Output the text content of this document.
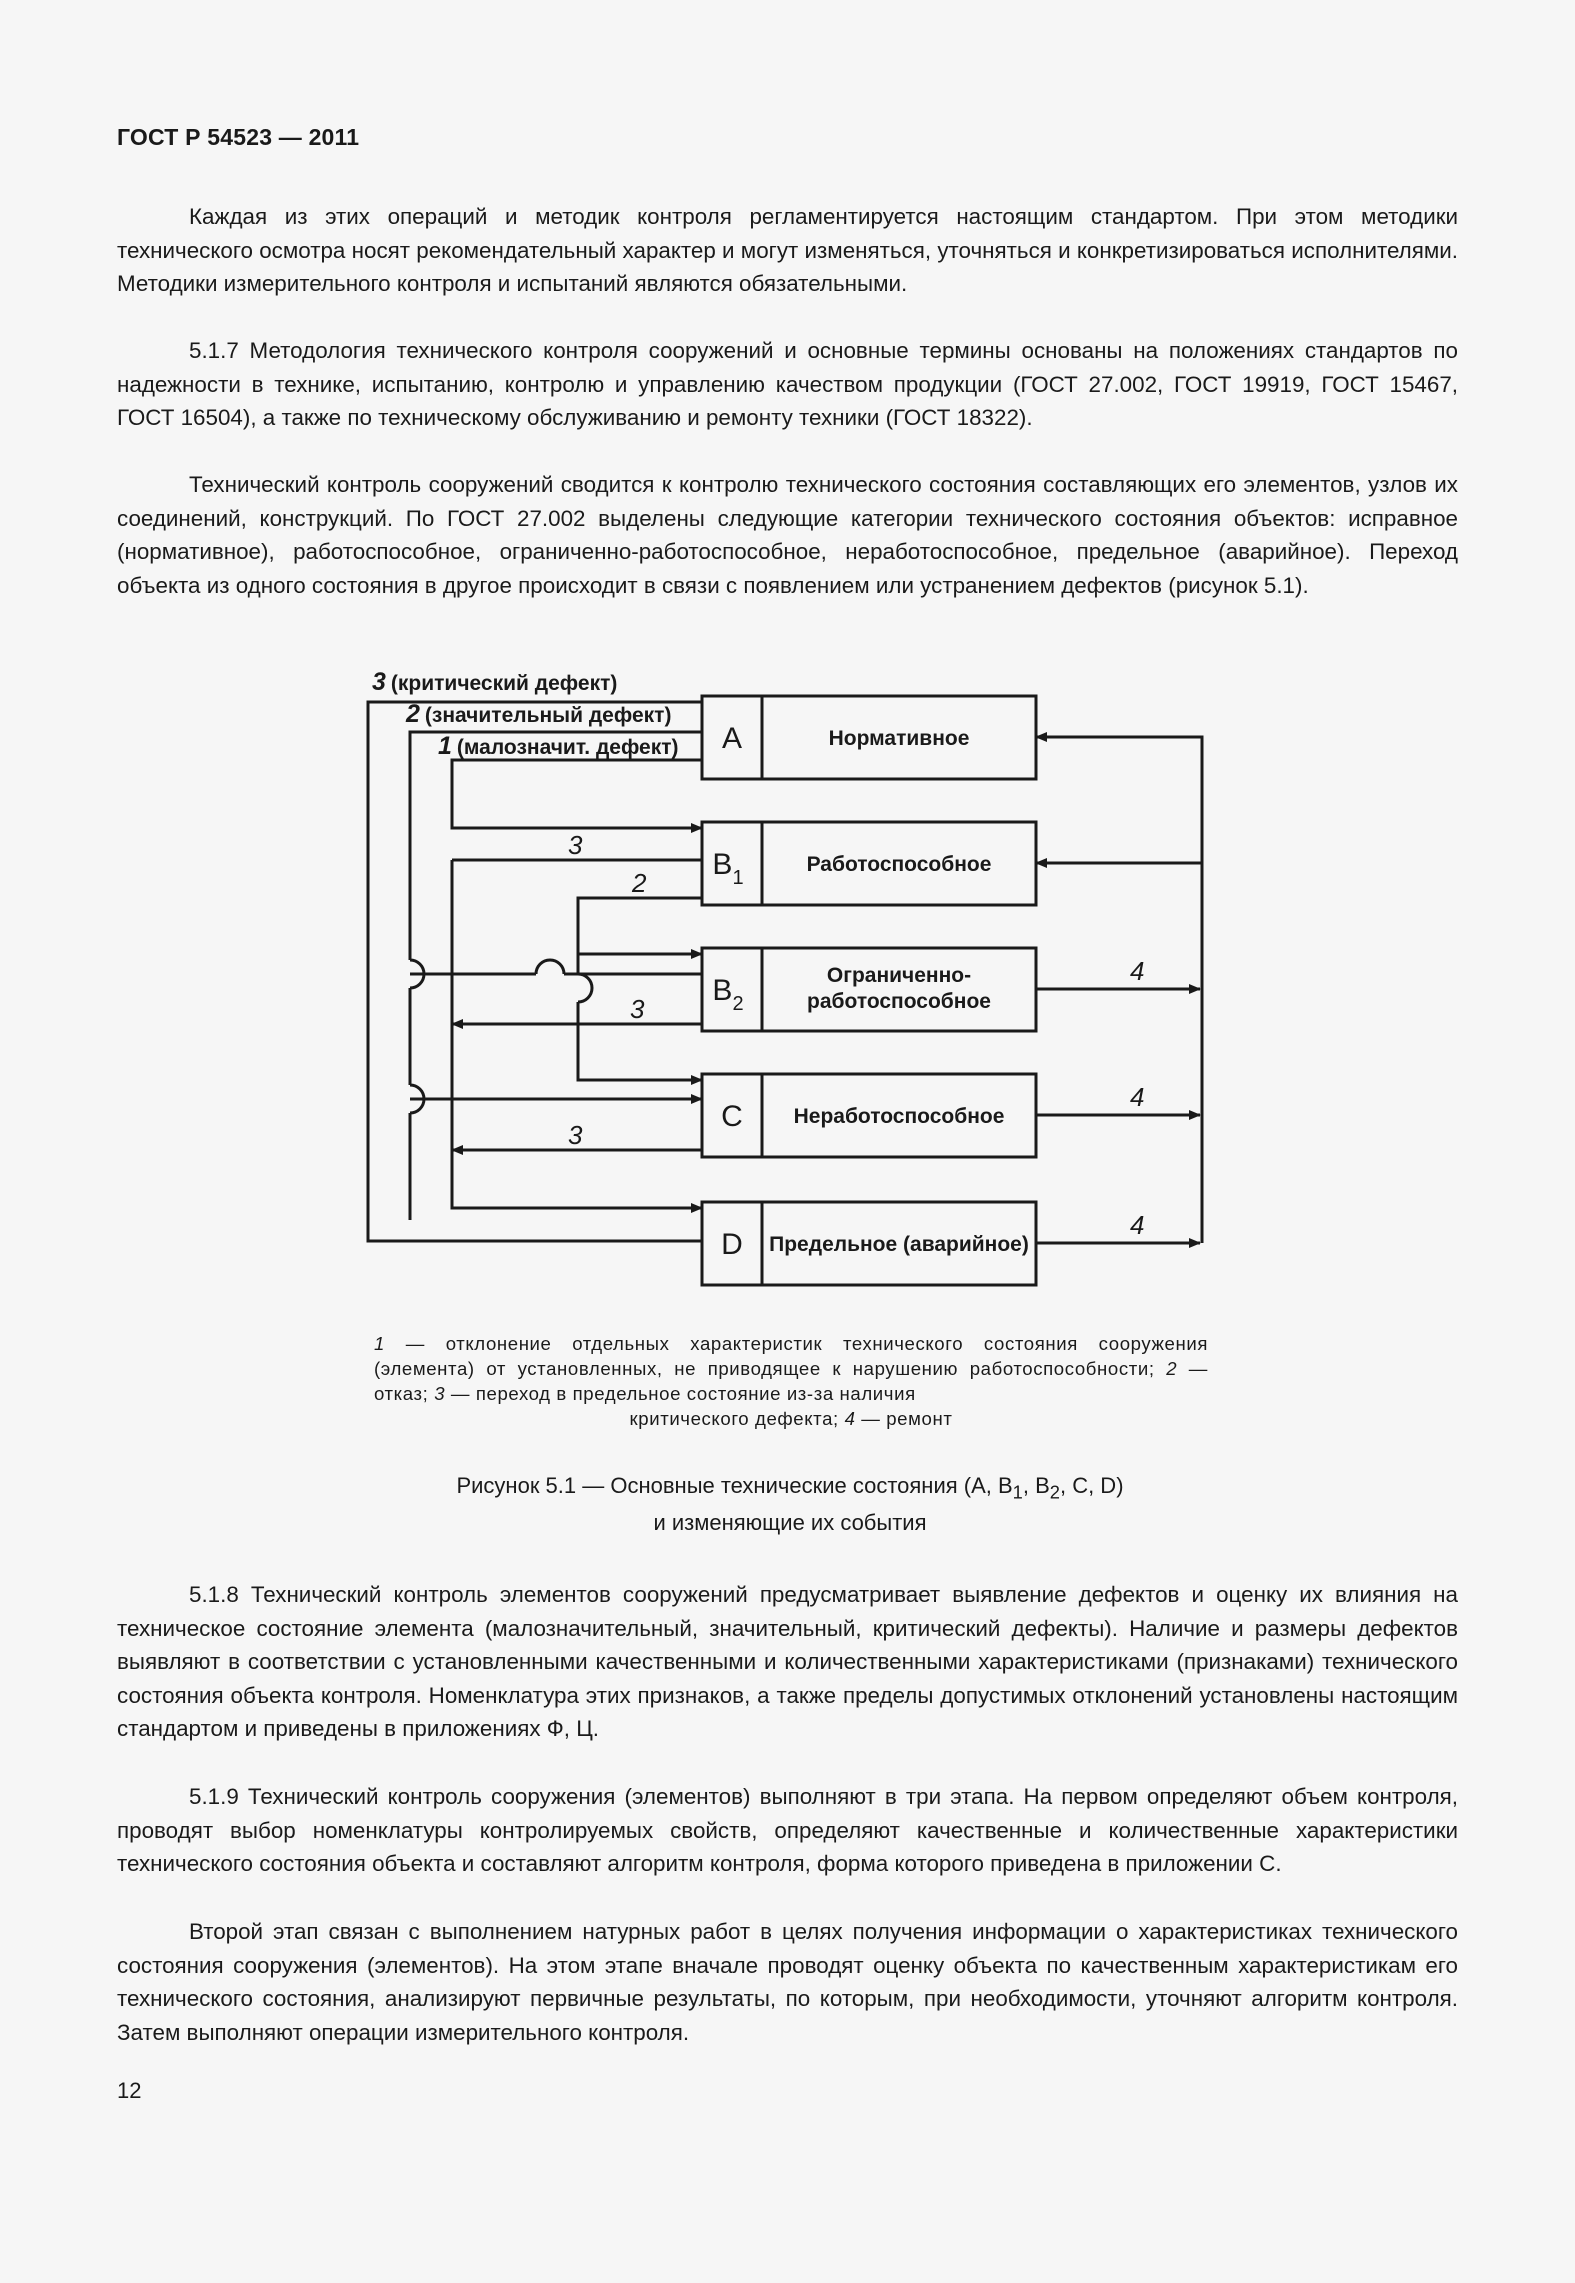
ГОСТ Р 54523 — 2011

Каждая из этих операций и методик контроля регламентируется настоящим стандартом. При этом методики технического осмотра носят рекомендательный характер и могут изменяться, уточняться и конкретизироваться исполнителями. Методики измерительного контроля и испытаний являются обязательными.

5.1.7 Методология технического контроля сооружений и основные термины основаны на положениях стандартов по надежности в технике, испытанию, контролю и управлению качеством продукции (ГОСТ 27.002, ГОСТ 19919, ГОСТ 15467, ГОСТ 16504), а также по техническому обслуживанию и ремонту техники (ГОСТ 18322).

Технический контроль сооружений сводится к контролю технического состояния составляющих его элементов, узлов их соединений, конструкций. По ГОСТ 27.002 выделены следующие категории технического состояния объектов: исправное (нормативное), работоспособное, ограниченно-работоспособное, неработоспособное, предельное (аварийное). Переход объекта из одного состояния в другое происходит в связи с появлением или устранением дефектов (рисунок 5.1).

3 (критический дефект)
2 (значительный дефект)
1 (малозначит. дефект) A
$B_1$
$B_2$
C
D
Нормативное
Работоспособное
Ограниченно-
работоспособное
Неработоспособное
Предельное (аварийное)
3
2
3
3
4
4
4

1 — отклонение отдельных характеристик технического состояния сооружения (элемента) от установленных, не приводящее к нарушению работоспособности; 2 — отказ; 3 — переход в предельное состояние из-за наличия
критического дефекта; 4 — ремонт

Рисунок 5.1 — Основные технические состояния (А, $B_1$, $B_2$, C, D)
и изменяющие их события

5.1.8 Технический контроль элементов сооружений предусматривает выявление дефектов и оценку их влияния на техническое состояние элемента (малозначительный, значительный, критический дефекты). Наличие и размеры дефектов выявляют в соответствии с установленными качественными и количественными характеристиками (признаками) технического состояния объекта контроля. Номенклатура этих признаков, а также пределы допустимых отклонений установлены настоящим стандартом и приведены в приложениях Ф, Ц.

5.1.9 Технический контроль сооружения (элементов) выполняют в три этапа. На первом определяют объем контроля, проводят выбор номенклатуры контролируемых свойств, определяют качественные и количественные характеристики технического состояния объекта и составляют алгоритм контроля, форма которого приведена в приложении С.

Второй этап связан с выполнением натурных работ в целях получения информации о характеристиках технического состояния сооружения (элементов). На этом этапе вначале проводят оценку объекта по качественным характеристикам его технического состояния, анализируют первичные результаты, по которым, при необходимости, уточняют алгоритм контроля. Затем выполняют операции измерительного контроля.

12
